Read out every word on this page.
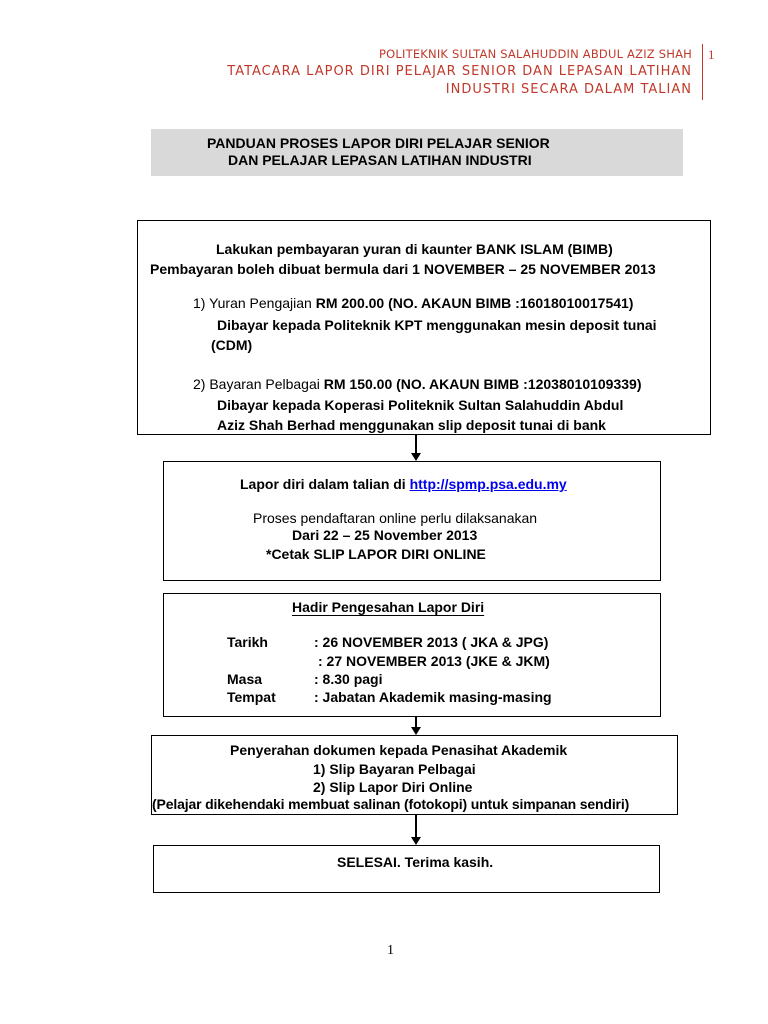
POLITEKNIK SULTAN SALAHUDDIN ABDUL AZIZ SHAH
TATACARA LAPOR DIRI PELAJAR SENIOR DAN LEPASAN LATIHAN
INDUSTRI SECARA DALAM TALIAN
1
PANDUAN PROSES LAPOR DIRI PELAJAR SENIOR
DAN PELAJAR LEPASAN LATIHAN INDUSTRI
Lakukan pembayaran yuran di kaunter BANK ISLAM (BIMB)
Pembayaran boleh dibuat bermula dari 1 NOVEMBER – 25 NOVEMBER 2013
1) Yuran Pengajian RM 200.00 (NO. AKAUN BIMB :16018010017541)
Dibayar kepada Politeknik KPT menggunakan mesin deposit tunai
(CDM)
2) Bayaran Pelbagai RM 150.00 (NO. AKAUN BIMB :12038010109339)
Dibayar kepada Koperasi Politeknik Sultan Salahuddin Abdul
Aziz Shah Berhad menggunakan slip deposit tunai di bank
Lapor diri dalam talian di http://spmp.psa.edu.my
Proses pendaftaran online perlu dilaksanakan
Dari 22 – 25 November 2013
*Cetak SLIP LAPOR DIRI ONLINE
Hadir Pengesahan Lapor Diri
Tarikh	: 26 NOVEMBER 2013 ( JKA & JPG)
: 27 NOVEMBER 2013 (JKE & JKM)
Masa	: 8.30 pagi
Tempat	: Jabatan Akademik masing-masing
Penyerahan dokumen kepada Penasihat Akademik
1) Slip Bayaran Pelbagai
2) Slip Lapor Diri Online
(Pelajar dikehendaki membuat salinan (fotokopi) untuk simpanan sendiri)
SELESAI. Terima kasih.
1
